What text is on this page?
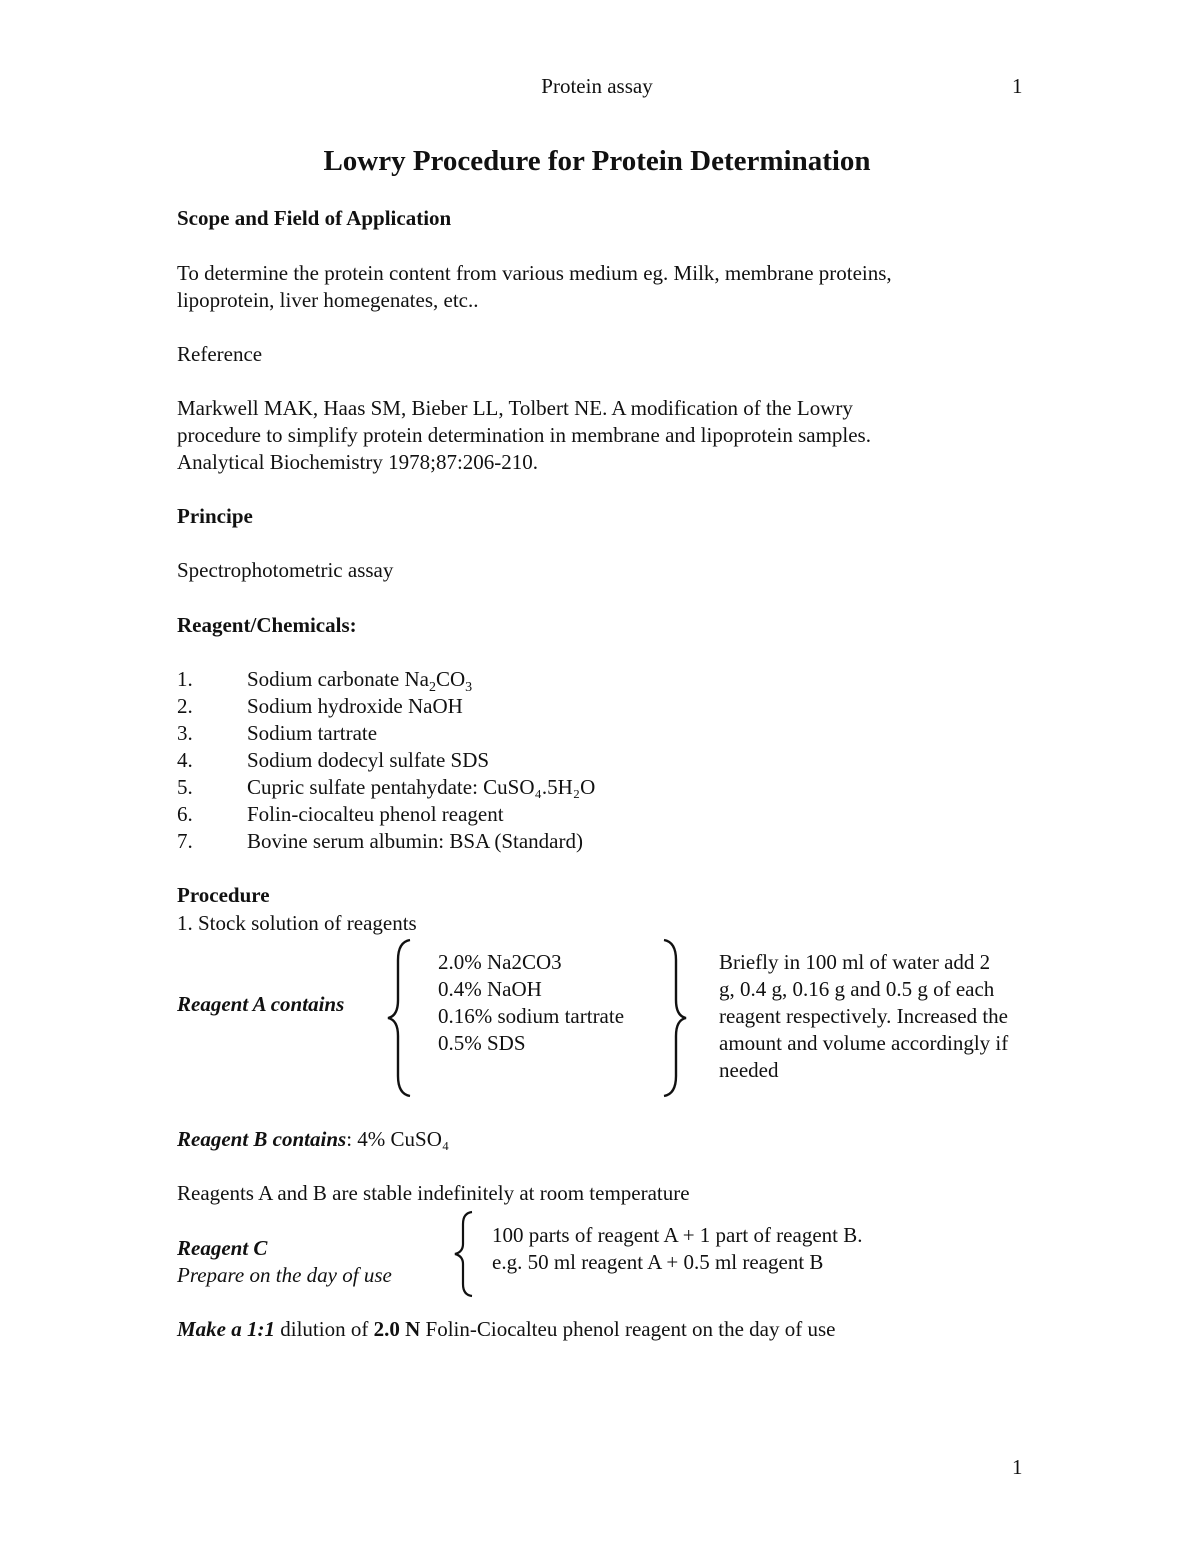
Protein assay	1
Lowry Procedure for Protein Determination
Scope and Field of Application
To determine the protein content from various medium eg. Milk, membrane proteins,
lipoprotein, liver homegenates, etc..
Reference
Markwell MAK, Haas SM, Bieber LL, Tolbert NE. A modification of the Lowry
procedure to simplify protein determination in membrane and lipoprotein samples.
Analytical Biochemistry 1978;87:206-210.
Principe
Spectrophotometric assay
Reagent/Chemicals:
1.	Sodium carbonate $Na_2CO_3$
2.	Sodium hydroxide NaOH
3.	Sodium tartrate
4.	Sodium dodecyl sulfate SDS
5.	Cupric sulfate pentahydate: CuSO₄.5H₂O
6.	Folin-ciocalteu phenol reagent
7.	Bovine serum albumin: BSA (Standard)
Procedure
1. Stock solution of reagents
Reagent A contains
2.0% Na2CO3
0.4% NaOH
0.16% sodium tartrate
0.5% SDS
Briefly in 100 ml of water add 2
g, 0.4 g, 0.16 g and 0.5 g of each
reagent respectively. Increased the
amount and volume accordingly if
needed
Reagent B contains: 4% CuSO₄
Reagents A and B are stable indefinitely at room temperature
Reagent C
Prepare on the day of use
100 parts of reagent A + 1 part of reagent B.
e.g. 50 ml reagent A + 0.5 ml reagent B
Make a 1:1 dilution of 2.0 N Folin-Ciocalteu phenol reagent on the day of use
1
